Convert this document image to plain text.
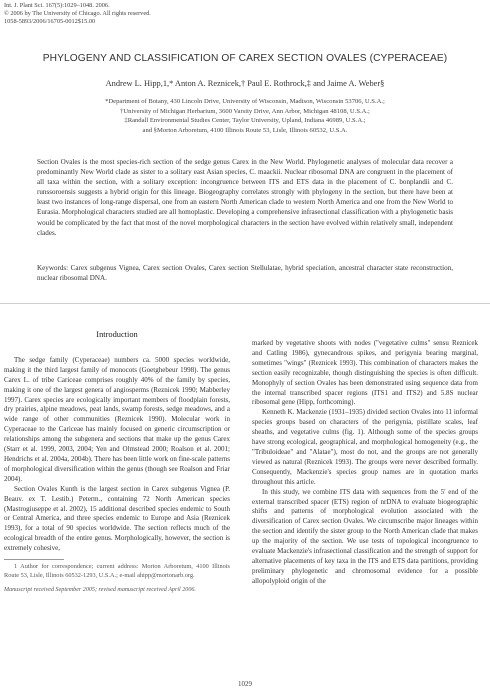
Int. J. Plant Sci. 167(5):1029–1048. 2006.
© 2006 by The University of Chicago. All rights reserved.
1058-5893/2006/16705-0012$15.00
PHYLOGENY AND CLASSIFICATION OF CAREX SECTION OVALES (CYPERACEAE)
Andrew L. Hipp,1,* Anton A. Reznicek,† Paul E. Rothrock,‡ and Jaime A. Weber§
*Department of Botany, 430 Lincoln Drive, University of Wisconsin, Madison, Wisconsin 53706, U.S.A.;
†University of Michigan Herbarium, 3600 Varsity Drive, Ann Arbor, Michigan 48108, U.S.A.;
‡Randall Environmental Studies Center, Taylor University, Upland, Indiana 46989, U.S.A.;
and §Morton Arboretum, 4100 Illinois Route 53, Lisle, Illinois 60532, U.S.A.
Section Ovales is the most species-rich section of the sedge genus Carex in the New World. Phylogenetic analyses of molecular data recover a predominantly New World clade as sister to a solitary east Asian species, C. maackii. Nuclear ribosomal DNA are congruent in the placement of all taxa within the section, with a solitary exception: incongruence between ITS and ETS data in the placement of C. bonplandii and C. runssoroensis suggests a hybrid origin for this lineage. Biogeography correlates strongly with phylogeny in the section, but there have been at least two instances of long-range dispersal, one from an eastern North American clade to western North America and one from the New World to Eurasia. Morphological characters studied are all homoplastic. Developing a comprehensive infrasectional classification with a phylogenetic basis would be complicated by the fact that most of the novel morphological characters in the section have evolved within relatively small, independent clades.
Keywords: Carex subgenus Vignea, Carex section Ovales, Carex section Stellulatae, hybrid speciation, ancestral character state reconstruction, nuclear ribosomal DNA.
Introduction

The sedge family (Cyperaceae) numbers ca. 5000 species worldwide, making it the third largest family of monocots (Goetghebeur 1998). The genus Carex L. of tribe Cariceae comprises roughly 40% of the family by species, making it one of the largest genera of angiosperms (Reznicek 1990; Mabberley 1997). Carex species are ecologically important members of floodplain forests, dry prairies, alpine meadows, peat lands, swamp forests, sedge meadows, and a wide range of other communities (Reznicek 1990). Molecular work in Cyperaceae to the Cariceae has mainly focused on generic circumscription or relationships among the subgenera and sections that make up the genus Carex (Starr et al. 1999, 2003, 2004; Yen and Olmstead 2000; Roalson et al. 2001; Hendrichs et al. 2004a, 2004b). There has been little work on fine-scale patterns of morphological diversification within the genus (though see Roalson and Friar 2004).

Section Ovales Kunth is the largest section in Carex subgenus Vignea (P. Beauv. ex T. Lestib.) Peterm., containing 72 North American species (Mastrogiuseppe et al. 2002), 15 additional described species endemic to South or Central America, and three species endemic to Europe and Asia (Reznicek 1993), for a total of 90 species worldwide. The section reflects much of the ecological breadth of the entire genus. Morphologically, however, the section is extremely cohesive,

1 Author for correspondence; current address: Morton Arboretum, 4100 Illinois Route 53, Lisle, Illinois 60532-1293, U.S.A.; e-mail ahipp@mortonarb.org.

Manuscript received September 2005; revised manuscript received April 2006.

marked by vegetative shoots with nodes ("vegetative culms" sensu Reznicek and Catling 1986), gynecandrous spikes, and perigynia bearing marginal, sometimes "wings" (Reznicek 1993). This combination of characters makes the section easily recognizable, though distinguishing the species is often difficult. Monophyly of section Ovales has been demonstrated using sequence data from the internal transcribed spacer regions (ITS1 and ITS2) and 5.8S nuclear ribosomal gene (Hipp, forthcoming).

Kenneth K. Mackenzie (1931–1935) divided section Ovales into 11 informal species groups based on characters of the perigynia, pistillate scales, leaf sheaths, and vegetative culms (fig. 1). Although some of the species groups have strong ecological, geographical, and morphological homogeneity (e.g., the "Tribuloideae" and "Alatae"), most do not, and the groups are not generally viewed as natural (Reznicek 1993). The groups were never described formally. Consequently, Mackenzie's species group names are in quotation marks throughout this article.

In this study, we combine ITS data with sequences from the 5′ end of the external transcribed spacer (ETS) region of nrDNA to evaluate biogeographic shifts and patterns of morphological evolution associated with the diversification of Carex section Ovales. We circumscribe major lineages within the section and identify the sister group to the North American clade that makes up the majority of the section. We use tests of topological incongruence to evaluate Mackenzie's infrasectional classification and the strength of support for alternative placements of key taxa in the ITS and ETS data partitions, providing preliminary phylogenetic and chromosomal evidence for a possible allopolyploid origin of the

1029
